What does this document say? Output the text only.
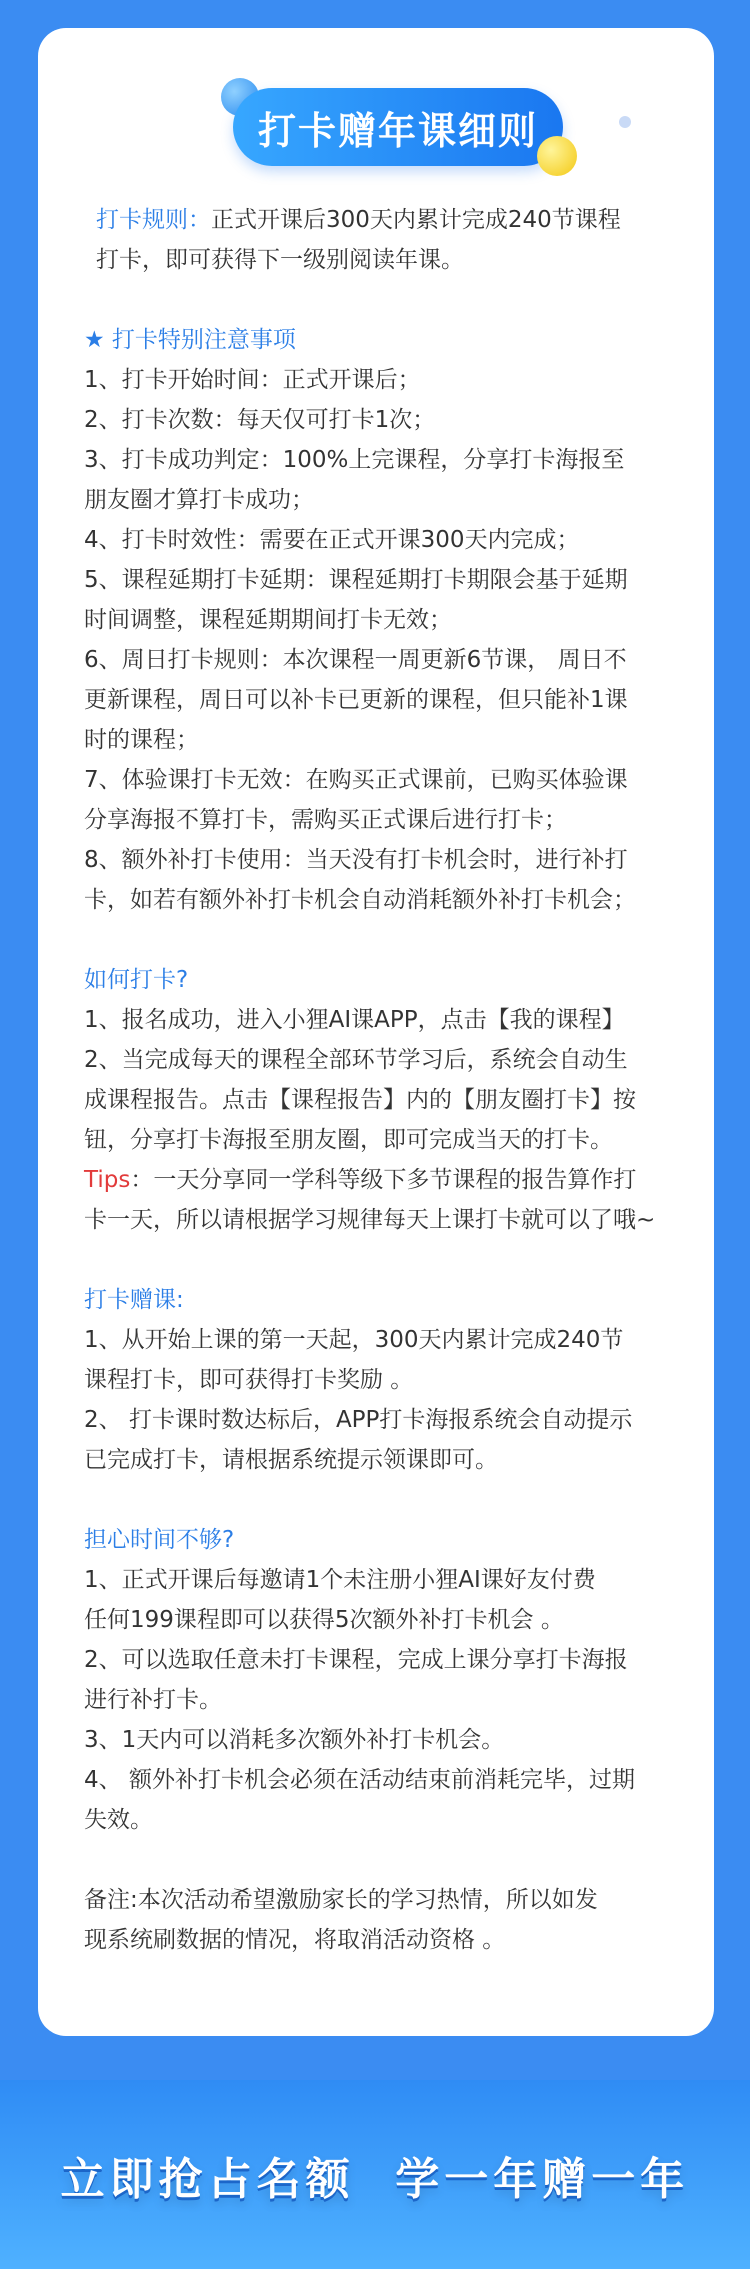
打卡赠年课细则

打卡规则：正式开课后300天内累计完成240节课程

打卡，即可获得下一级别阅读年课。

★ 打卡特别注意事项

1、打卡开始时间：正式开课后；

2、打卡次数：每天仅可打卡1次；

3、打卡成功判定：100%上完课程，分享打卡海报至

朋友圈才算打卡成功；

4、打卡时效性：需要在正式开课300天内完成；

5、课程延期打卡延期：课程延期打卡期限会基于延期

时间调整，课程延期期间打卡无效；

6、周日打卡规则：本次课程一周更新6节课， 周日不

更新课程，周日可以补卡已更新的课程，但只能补1课

时的课程；

7、体验课打卡无效：在购买正式课前，已购买体验课

分享海报不算打卡，需购买正式课后进行打卡；

8、额外补打卡使用：当天没有打卡机会时，进行补打

卡，如若有额外补打卡机会自动消耗额外补打卡机会；

如何打卡?

1、报名成功，进入小狸AI课APP，点击【我的课程】

2、当完成每天的课程全部环节学习后，系统会自动生

成课程报告。点击【课程报告】内的【朋友圈打卡】按

钮，分享打卡海报至朋友圈，即可完成当天的打卡。

Tips：一天分享同一学科等级下多节课程的报告算作打

卡一天，所以请根据学习规律每天上课打卡就可以了哦~

打卡赠课:

1、从开始上课的第一天起，300天内累计完成240节

课程打卡，即可获得打卡奖励 。

2、 打卡课时数达标后，APP打卡海报系统会自动提示

已完成打卡，请根据系统提示领课即可。

担心时间不够?

1、正式开课后每邀请1个未注册小狸AI课好友付费

任何199课程即可以获得5次额外补打卡机会 。

2、可以选取任意未打卡课程，完成上课分享打卡海报

进行补打卡。

3、1天内可以消耗多次额外补打卡机会。

4、 额外补打卡机会必须在活动结束前消耗完毕，过期

失效。

备注:本次活动希望激励家长的学习热情，所以如发

现系统刷数据的情况，将取消活动资格 。

立即抢占名额  学一年赠一年
